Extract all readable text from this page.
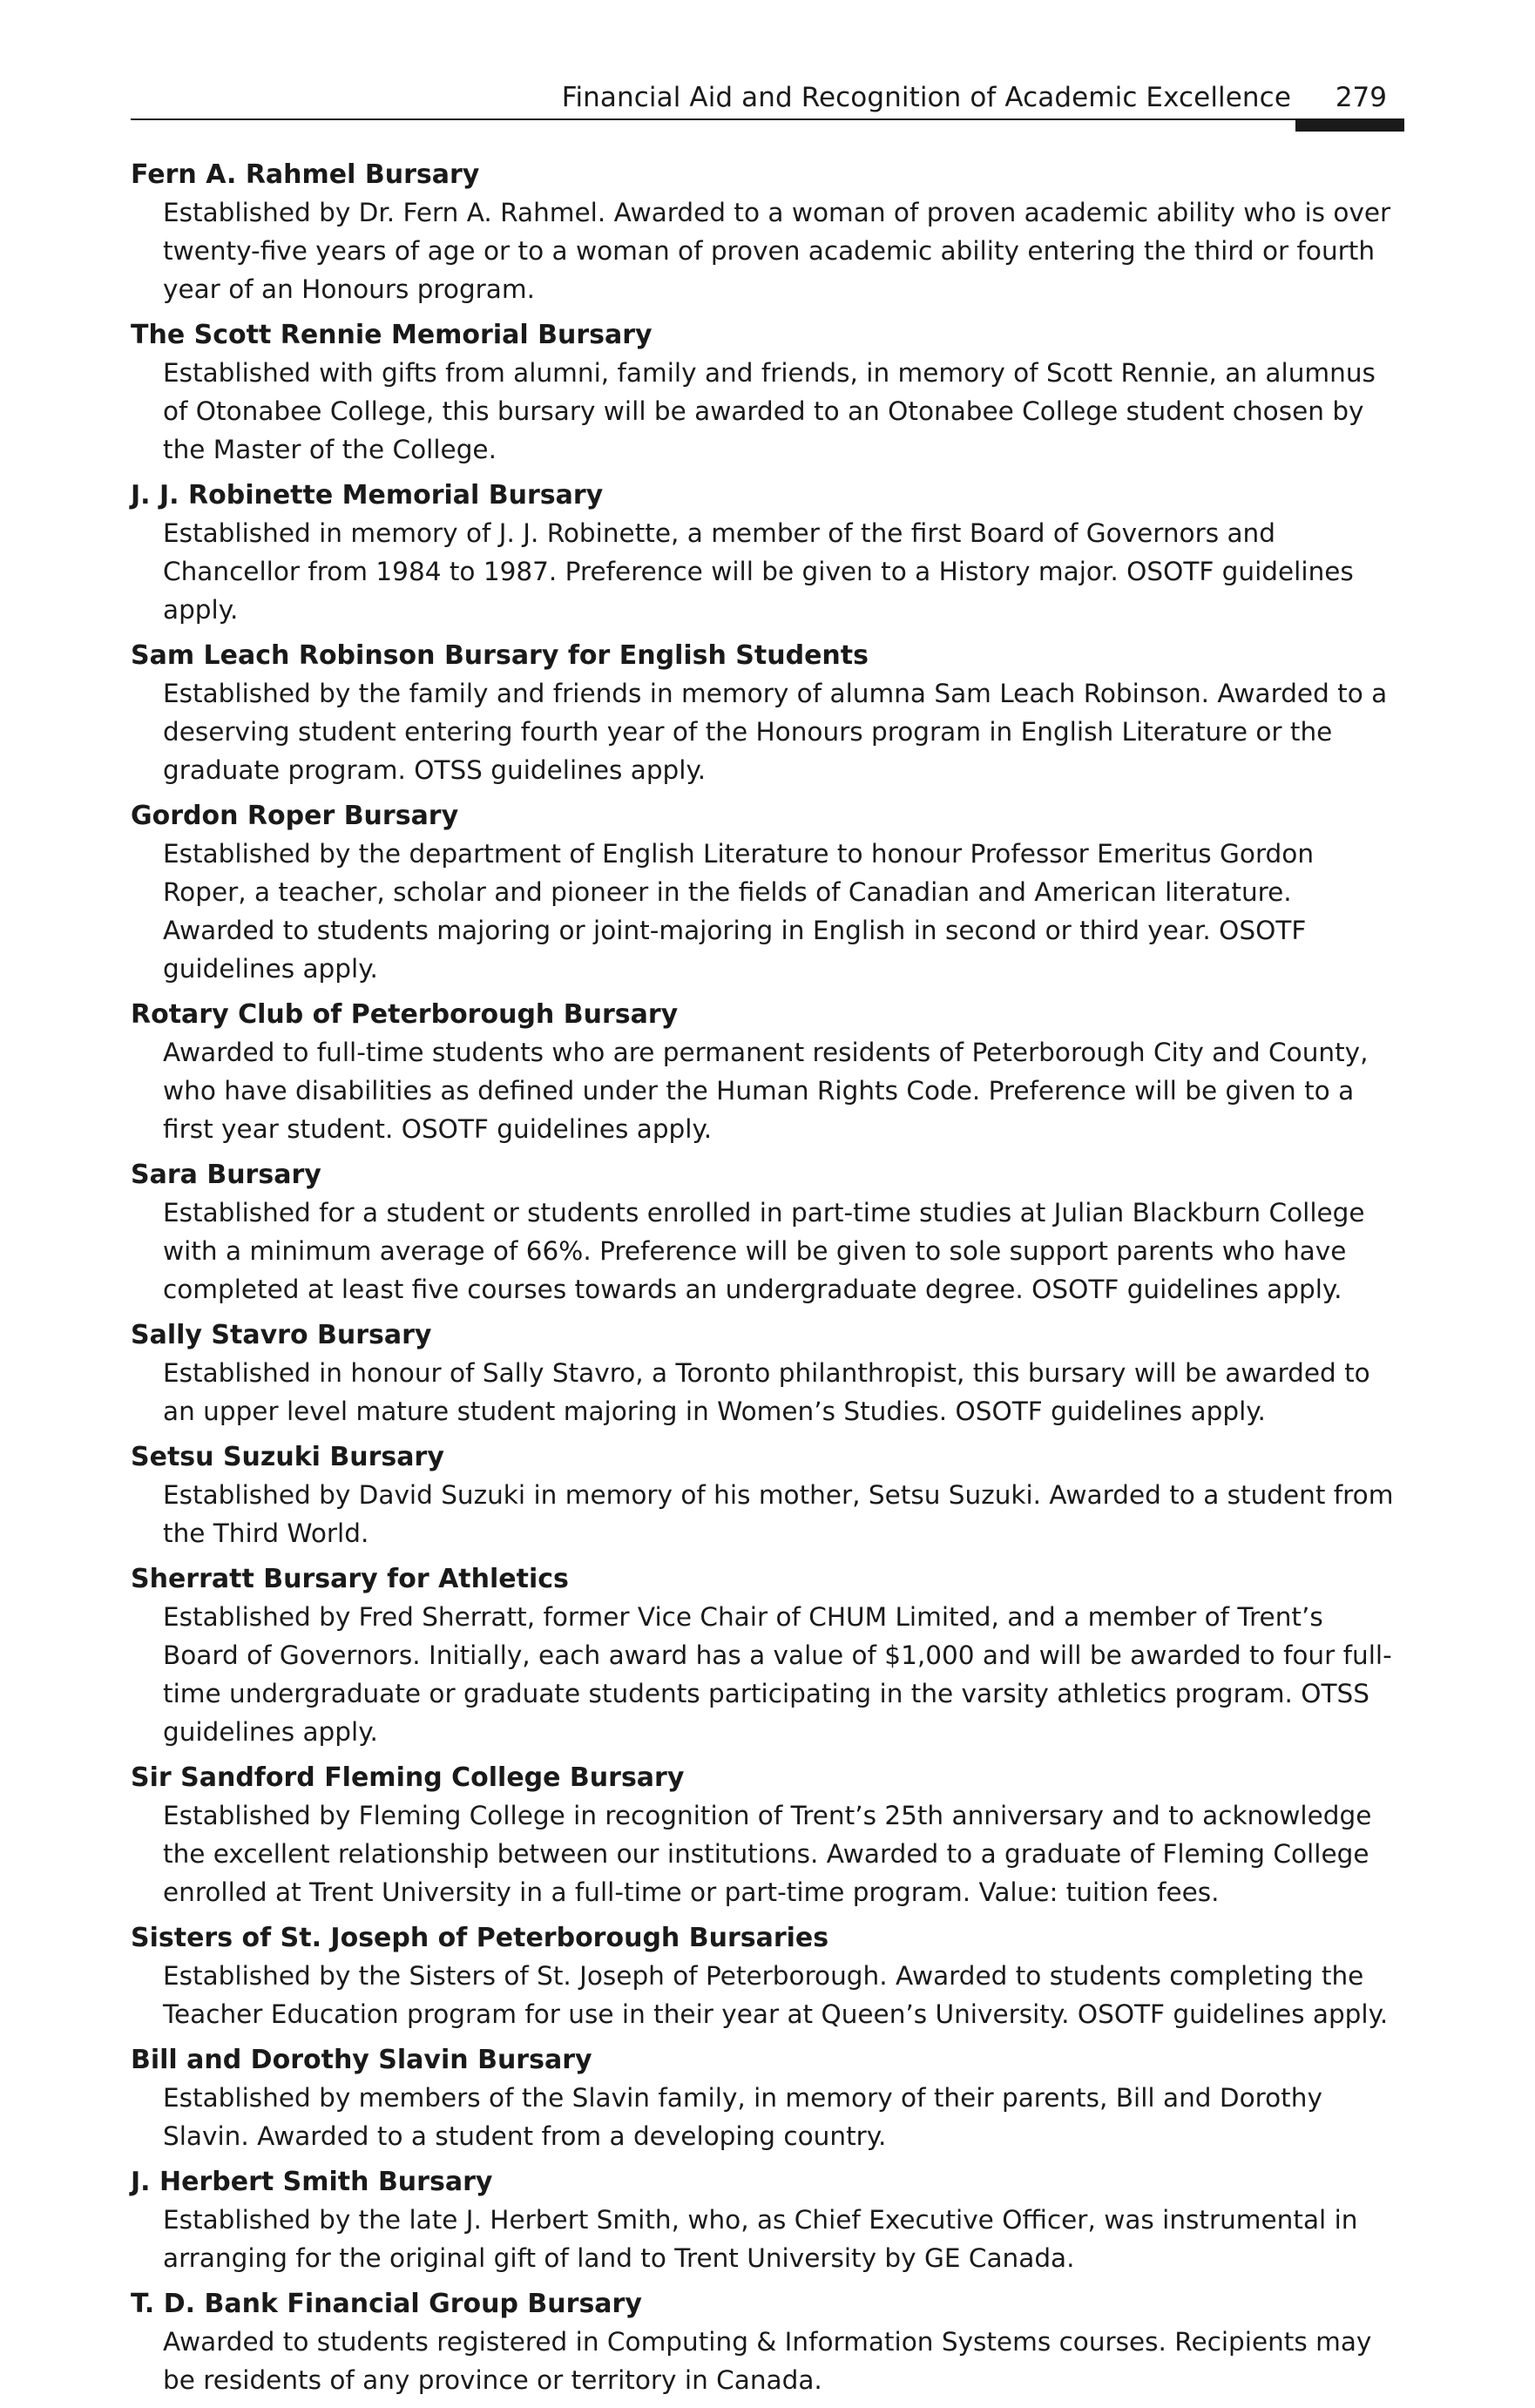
Financial Aid and Recognition of Academic Excellence 279
Fern A. Rahmel Bursary
Established by Dr. Fern A. Rahmel. Awarded to a woman of proven academic ability who is over twenty-five years of age or to a woman of proven academic ability entering the third or fourth year of an Honours program.
The Scott Rennie Memorial Bursary
Established with gifts from alumni, family and friends, in memory of Scott Rennie, an alumnus of Otonabee College, this bursary will be awarded to an Otonabee College student chosen by the Master of the College.
J. J. Robinette Memorial Bursary
Established in memory of J. J. Robinette, a member of the first Board of Governors and Chancellor from 1984 to 1987. Preference will be given to a History major. OSOTF guidelines apply.
Sam Leach Robinson Bursary for English Students
Established by the family and friends in memory of alumna Sam Leach Robinson. Awarded to a deserving student entering fourth year of the Honours program in English Literature or the graduate program. OTSS guidelines apply.
Gordon Roper Bursary
Established by the department of English Literature to honour Professor Emeritus Gordon Roper, a teacher, scholar and pioneer in the fields of Canadian and American literature. Awarded to students majoring or joint-majoring in English in second or third year. OSOTF guidelines apply.
Rotary Club of Peterborough Bursary
Awarded to full-time students who are permanent residents of Peterborough City and County, who have disabilities as defined under the Human Rights Code. Preference will be given to a first year student. OSOTF guidelines apply.
Sara Bursary
Established for a student or students enrolled in part-time studies at Julian Blackburn College with a minimum average of 66%. Preference will be given to sole support parents who have completed at least five courses towards an undergraduate degree. OSOTF guidelines apply.
Sally Stavro Bursary
Established in honour of Sally Stavro, a Toronto philanthropist, this bursary will be awarded to an upper level mature student majoring in Women’s Studies. OSOTF guidelines apply.
Setsu Suzuki Bursary
Established by David Suzuki in memory of his mother, Setsu Suzuki. Awarded to a student from the Third World.
Sherratt Bursary for Athletics
Established by Fred Sherratt, former Vice Chair of CHUM Limited, and a member of Trent’s Board of Governors. Initially, each award has a value of $1,000 and will be awarded to four full-time undergraduate or graduate students participating in the varsity athletics program. OTSS guidelines apply.
Sir Sandford Fleming College Bursary
Established by Fleming College in recognition of Trent’s 25th anniversary and to acknowledge the excellent relationship between our institutions. Awarded to a graduate of Fleming College enrolled at Trent University in a full-time or part-time program. Value: tuition fees.
Sisters of St. Joseph of Peterborough Bursaries
Established by the Sisters of St. Joseph of Peterborough. Awarded to students completing the Teacher Education program for use in their year at Queen’s University. OSOTF guidelines apply.
Bill and Dorothy Slavin Bursary
Established by members of the Slavin family, in memory of their parents, Bill and Dorothy Slavin. Awarded to a student from a developing country.
J. Herbert Smith Bursary
Established by the late J. Herbert Smith, who, as Chief Executive Officer, was instrumental in arranging for the original gift of land to Trent University by GE Canada.
T. D. Bank Financial Group Bursary
Awarded to students registered in Computing & Information Systems courses. Recipients may be residents of any province or territory in Canada.
